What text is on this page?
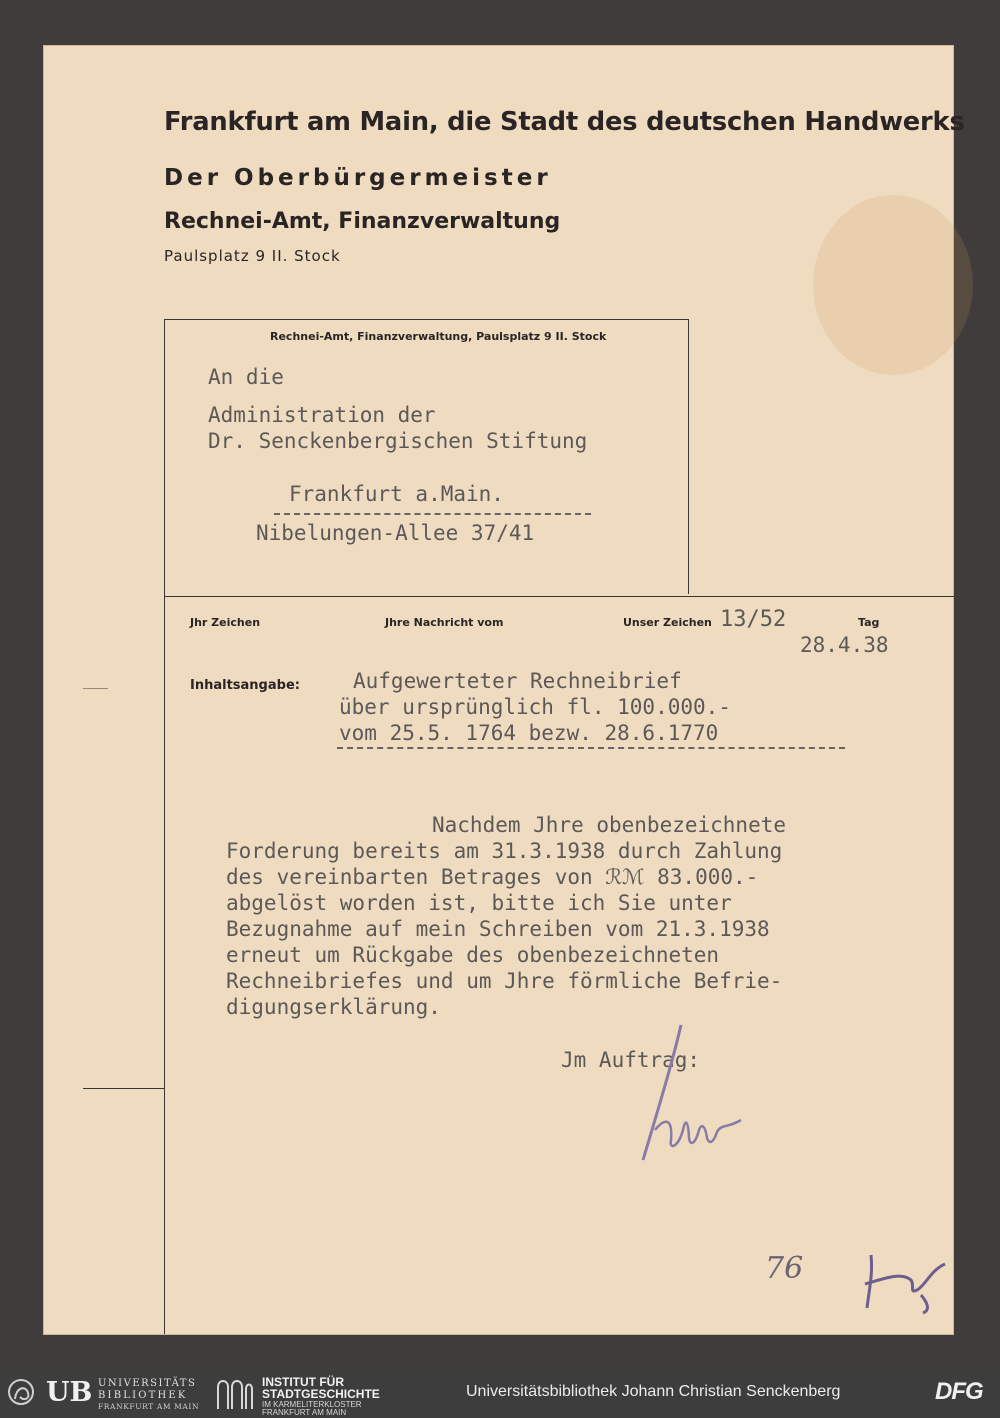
Frankfurt am Main, die Stadt des deutschen Handwerks
Der Oberbürgermeister
Rechnei-Amt, Finanzverwaltung
Paulsplatz 9 II. Stock
Rechnei-Amt, Finanzverwaltung, Paulsplatz 9 II. Stock
An die
Administration der
Dr. Senckenbergischen Stiftung
Frankfurt a.Main.
Nibelungen-Allee 37/41
Jhr Zeichen	Jhre Nachricht vom	Unser Zeichen 13/52	Tag
28.4.38
Inhaltsangabe:	Aufgewerteter Rechneibrief
über ursprünglich fl. 100.000.-
vom 25.5. 1764 bezw. 28.6.1770
Nachdem Jhre obenbezeichnete
Forderung bereits am 31.3.1938 durch Zahlung
des vereinbarten Betrages von ℛℳ 83.000.-
abgelöst worden ist, bitte ich Sie unter
Bezugnahme auf mein Schreiben vom 21.3.1938
erneut um Rückgabe des obenbezeichneten
Rechneibriefes und um Jhre förmliche Befrie-
digungserklärung.
Jm Auftrag:
76
UB UNIVERSITÄTS
BIBLIOTHEK
FRANKFURT AM MAIN
INSTITUT FÜR
STADTGESCHICHTE
IM KARMELITERKLOSTER
FRANKFURT AM MAIN
Universitätsbibliothek Johann Christian Senckenberg	DFG
